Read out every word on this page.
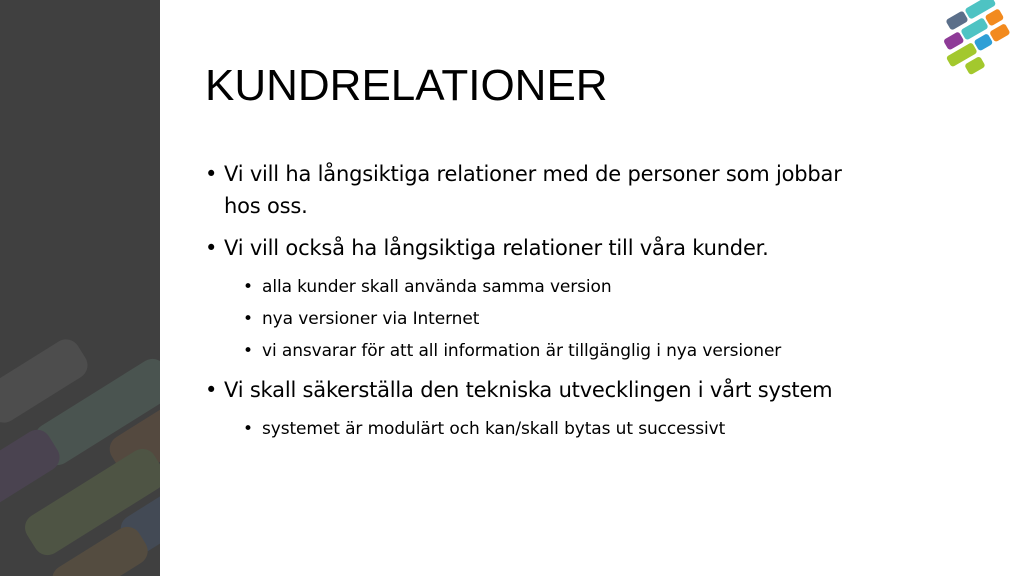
KUNDRELATIONER
• Vi vill ha långsiktiga relationer med de personer som jobbar hos oss.
• Vi vill också ha långsiktiga relationer till våra kunder.
• alla kunder skall använda samma version
• nya versioner via Internet
• vi ansvarar för att all information är tillgänglig i nya versioner
• Vi skall säkerställa den tekniska utvecklingen i vårt system
• systemet är modulärt och kan/skall bytas ut successivt
